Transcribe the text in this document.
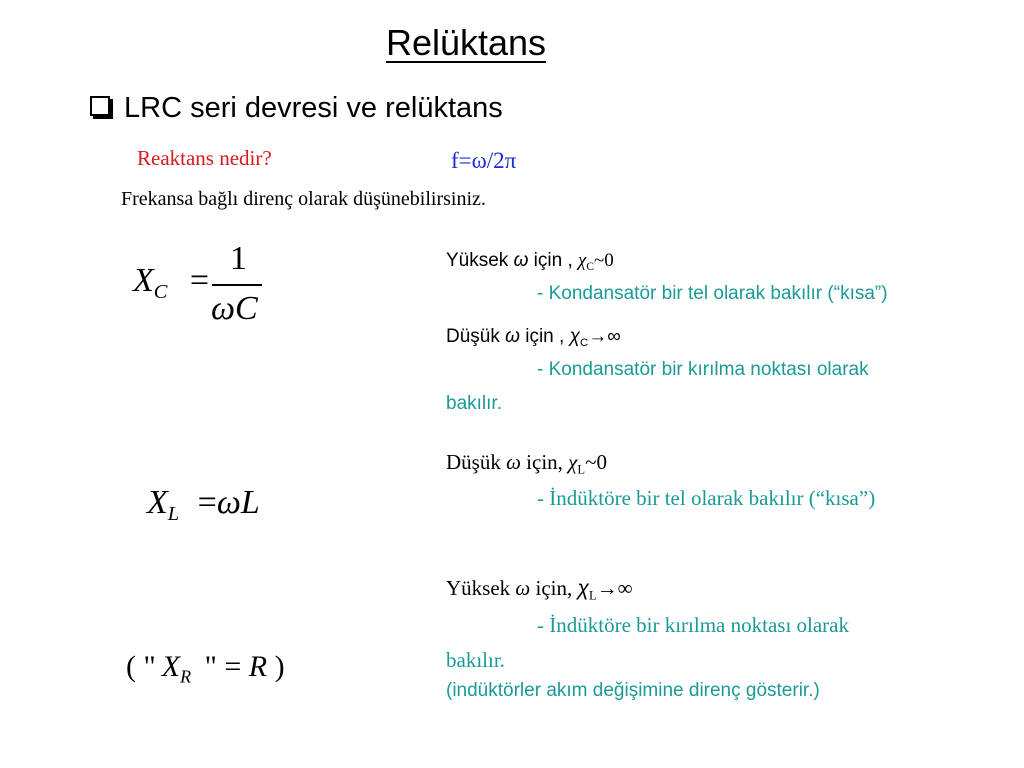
Relüktans
LRC seri devresi ve relüktans
Reaktans nedir?	f=ω/2π
Frekansa bağlı direnç olarak düşünebilirsiniz.
$X_C$ =
1
ωC
$X_L =\omega L$
( " $X_R$ " = R )
Yüksek ω için , $\chi_C\sim 0$
- Kondansatör bir tel olarak bakılır (“kısa”)
Düşük ω için , $\chi_C\to\infty$
- Kondansatör bir kırılma noktası olarak
bakılır.
Düşük ω için, $\chi_L\sim 0$
- İndüktöre bir tel olarak bakılır (“kısa”)
Yüksek ω için, $\chi_L\to\infty$
- İndüktöre bir kırılma noktası olarak
bakılır.
(indüktörler akım değişimine direnç gösterir.)
